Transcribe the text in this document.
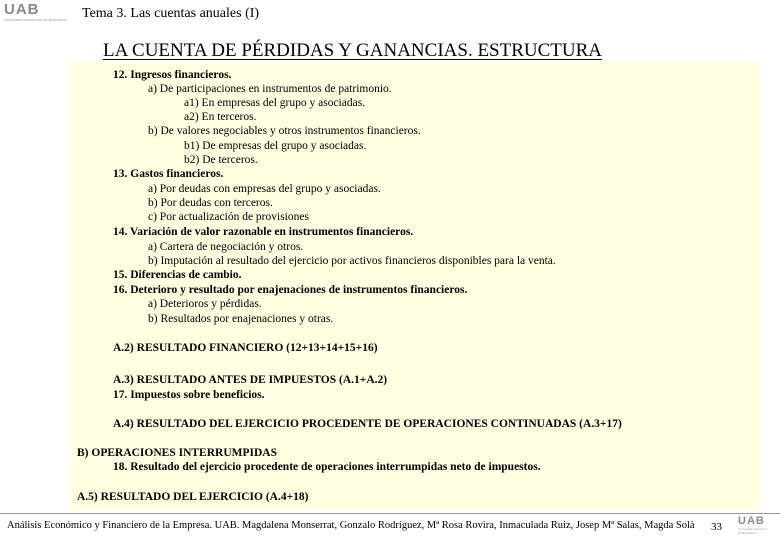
UAB
Universitat Autònoma de Barcelona	Tema 3. Las cuentas anuales (I)
LA CUENTA DE PÉRDIDAS Y GANANCIAS. ESTRUCTURA
12. Ingresos financieros.
a) De participaciones en instrumentos de patrimonio.
a1) En empresas del grupo y asociadas.
a2) En terceros.
b) De valores negociables y otros instrumentos financieros.
b1) De empresas del grupo y asociadas.
b2) De terceros.
13. Gastos financieros.
a) Por deudas con empresas del grupo y asociadas.
b) Por deudas con terceros.
c) Por actualización de provisiones
14. Variación de valor razonable en instrumentos financieros.
a) Cartera de negociación y otros.
b) Imputación al resultado del ejercicio por activos financieros disponibles para la venta.
15. Diferencias de cambio.
16. Deterioro y resultado por enajenaciones de instrumentos financieros.
a) Deterioros y pérdidas.
b) Resultados por enajenaciones y otras.
A.2) RESULTADO FINANCIERO (12+13+14+15+16)
A.3) RESULTADO ANTES DE IMPUESTOS (A.1+A.2)
17. Impuestos sobre beneficios.
A.4) RESULTADO DEL EJERCICIO PROCEDENTE DE OPERACIONES CONTINUADAS (A.3+17)
B) OPERACIONES INTERRUMPIDAS
18. Resultado del ejercicio procedente de operaciones interrumpidas neto de impuestos.
A.5) RESULTADO DEL EJERCICIO (A.4+18)
Análisis Económico y Financiero de la Empresa. UAB. Magdalena Monserrat, Gonzalo Rodríguez, Mª Rosa Rovira, Inmaculada Ruiz, Josep Mª Salas, Magda Solà 33 UAB
Universitat Autònoma
de Barcelona
